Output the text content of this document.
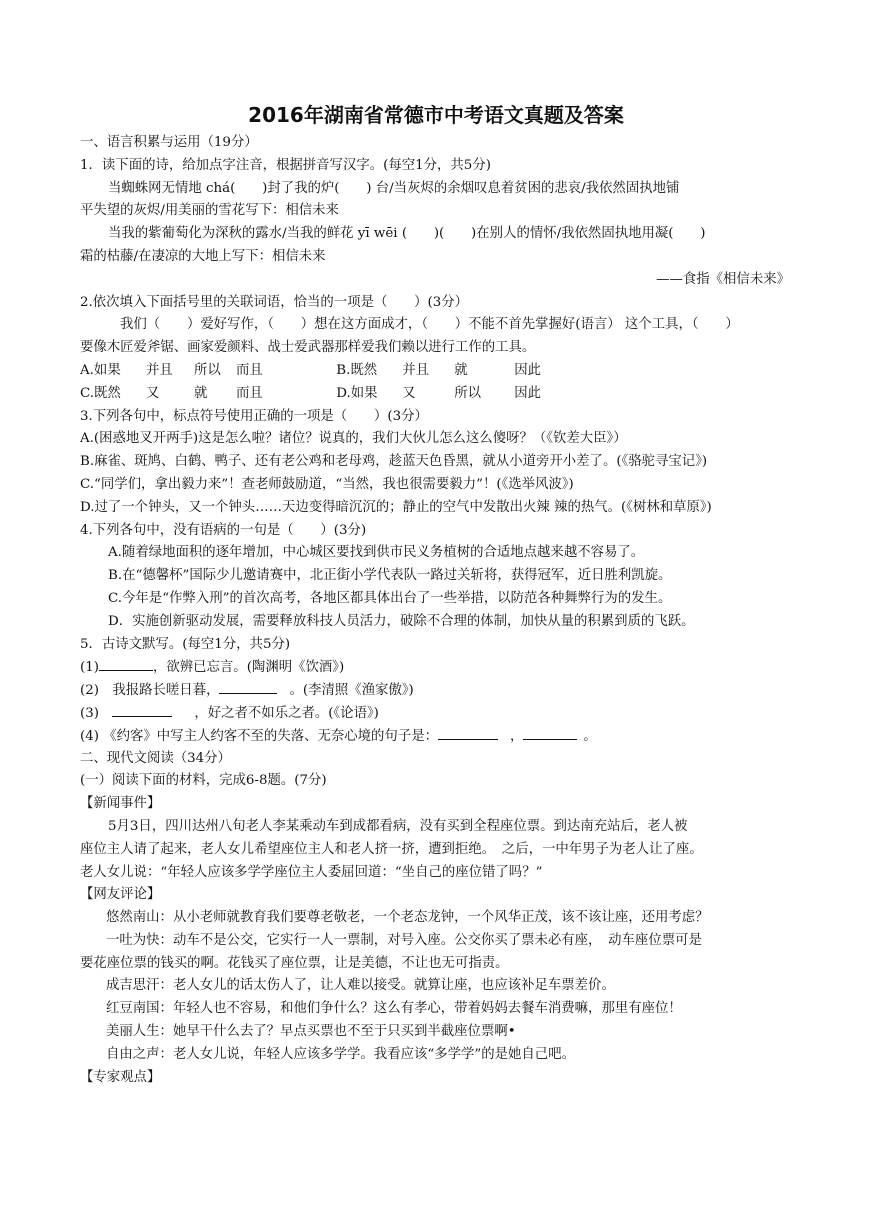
2016年湖南省常德市中考语文真题及答案
一、语言积累与运用（19分）
1．读下面的诗，给加点字注音，根据拼音写汉字。(每空1分，共5分)
当蜘蛛网无情地 chá(　　)封了我的炉(　　) 台/当灰烬的余烟叹息着贫困的悲哀/我依然固执地铺
平失望的灰烬/用美丽的雪花写下：相信未来
当我的紫葡萄化为深秋的露水/当我的鲜花 yī wēi (　　)(　　)在别人的情怀/我依然固执地用凝(　　)
霜的枯藤/在凄凉的大地上写下：相信未来
——食指《相信未来》
2.依次填入下面括号里的关联词语，恰当的一项是（　　）(3分）
我们（　　）爱好写作，（　　）想在这方面成才，（　　）不能不首先掌握好(语言） 这个工具，（　　）
要像木匠爱斧锯、画家爱颜料、战士爱武器那样爱我们赖以进行工作的工具。
A.如果 并且 所以 而且	B.既然 并且 就	因此
C.既然 又	就 而且	D.如果 又	所以 因此
3.下列各句中，标点符号使用正确的一项是（　　）(3分）
A.(困惑地叉开两手)这是怎么啦？诸位？说真的，我们大伙儿怎么这么傻呀？（《钦差大臣》）
B.麻雀、斑鸠、白鹤、鸭子、还有老公鸡和老母鸡，趁蓝天色昏黑，就从小道旁开小差了。(《骆驼寻宝记》)
C.“同学们，拿出毅力来”！查老师鼓励道，“当然，我也很需要毅力”！(《选举风波》)
D.过了一个钟头，又一个钟头……天边变得暗沉沉的；静止的空气中发散出火辣 辣的热气。(《树林和草原》)
4.下列各句中，没有语病的一句是（　　）(3分)
A.随着绿地面积的逐年增加，中心城区要找到供市民义务植树的合适地点越来越不容易了。
B.在“德馨杯”国际少儿邀请赛中，北正街小学代表队一路过关斩将，获得冠军，近日胜利凯旋。
C.今年是“作弊入刑”的首次高考，各地区都具体出台了一些举措，以防范各种舞弊行为的发生。
D．实施创新驱动发展，需要释放科技人员活力，破除不合理的体制，加快从量的积累到质的飞跃。
5．古诗文默写。(每空1分，共5分)
(1)	，欲辨已忘言。(陶渊明《饮酒》)
(2)　我报路长嗟日暮，	。(李清照《渔家傲》)
(3)　	，好之者不如乐之者。(《论语》)
(4) 《约客》中写主人约客不至的失落、无奈心境的句子是：	，	。
二、现代文阅读（34分）
(一）阅读下面的材料，完成6-8题。(7分)
【新闻事件】
5月3日，四川达州八旬老人李某乘动车到成都看病，没有买到全程座位票。到达南充站后，老人被
座位主人请了起来，老人女儿希望座位主人和老人挤一挤，遭到拒绝。　之后，一中年男子为老人让了座。
老人女儿说：“年轻人应该多学学座位主人委屈回道：“坐自己的座位错了吗？”
【网友评论】
悠然南山：从小老师就教育我们要尊老敬老，一个老态龙钟，一个风华正茂，该不该让座，还用考虑？
一吐为快：动车不是公交，它实行一人一票制，对号入座。公交你买了票未必有座，　动车座位票可是
要花座位票的钱买的啊。花钱买了座位票，让是美德，不让也无可指责。
成吉思汗：老人女儿的话太伤人了，让人难以接受。就算让座，也应该补足车票差价。
红豆南国：年轻人也不容易，和他们争什么？这么有孝心，带着妈妈去餐车消费嘛，那里有座位！
美丽人生：她早干什么去了？早点买票也不至于只买到半截座位票啊•
自由之声：老人女儿说，年轻人应该多学学。我看应该“多学学”的是她自己吧。
【专家观点】
